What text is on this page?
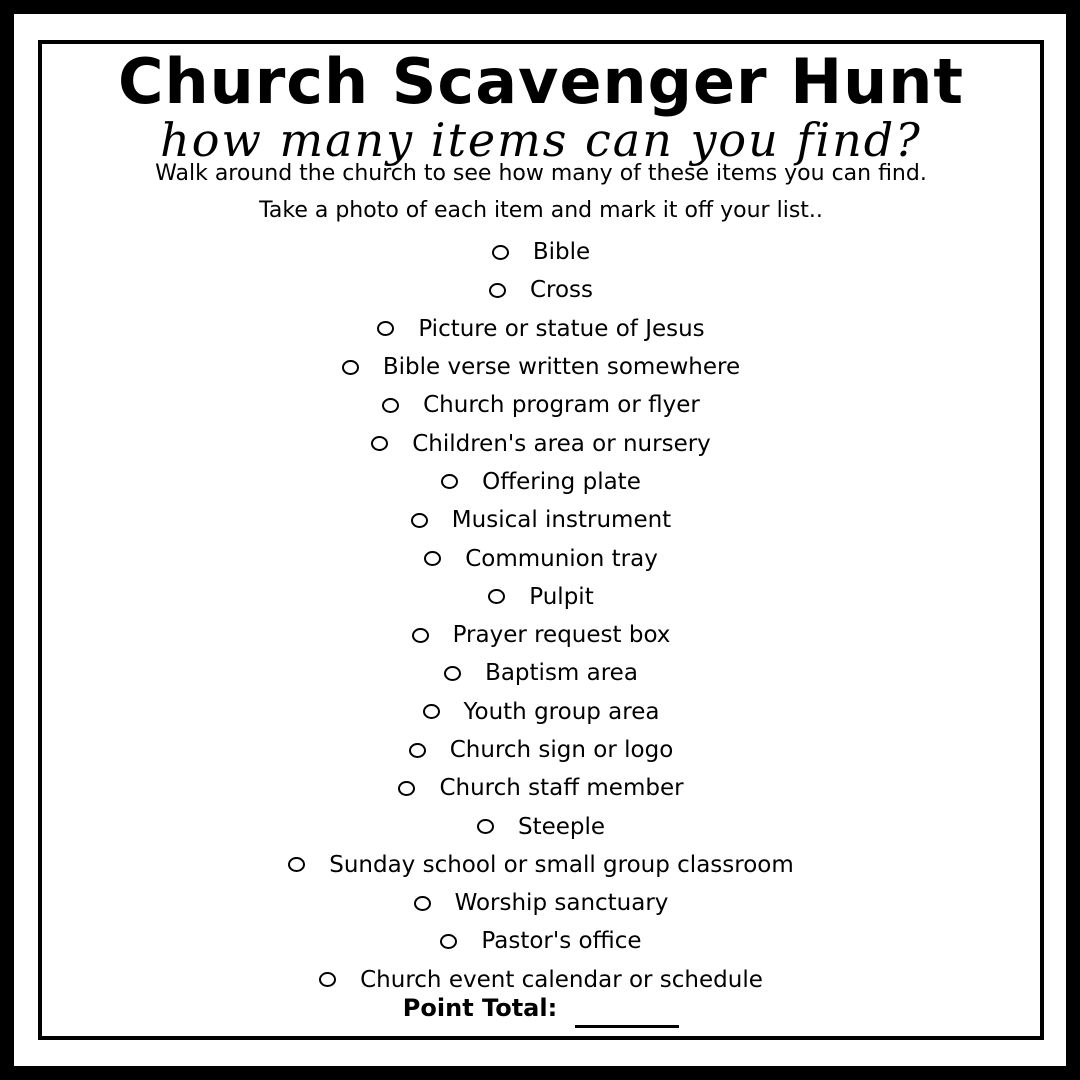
Church Scavenger Hunt
how many items can you find?
Walk around the church to see how many of these items you can find.
Take a photo of each item and mark it off your list..
Bible
Cross
Picture or statue of Jesus
Bible verse written somewhere
Church program or flyer
Children's area or nursery
Offering plate
Musical instrument
Communion tray
Pulpit
Prayer request box
Baptism area
Youth group area
Church sign or logo
Church staff member
Steeple
Sunday school or small group classroom
Worship sanctuary
Pastor's office
Church event calendar or schedule
Point Total:
